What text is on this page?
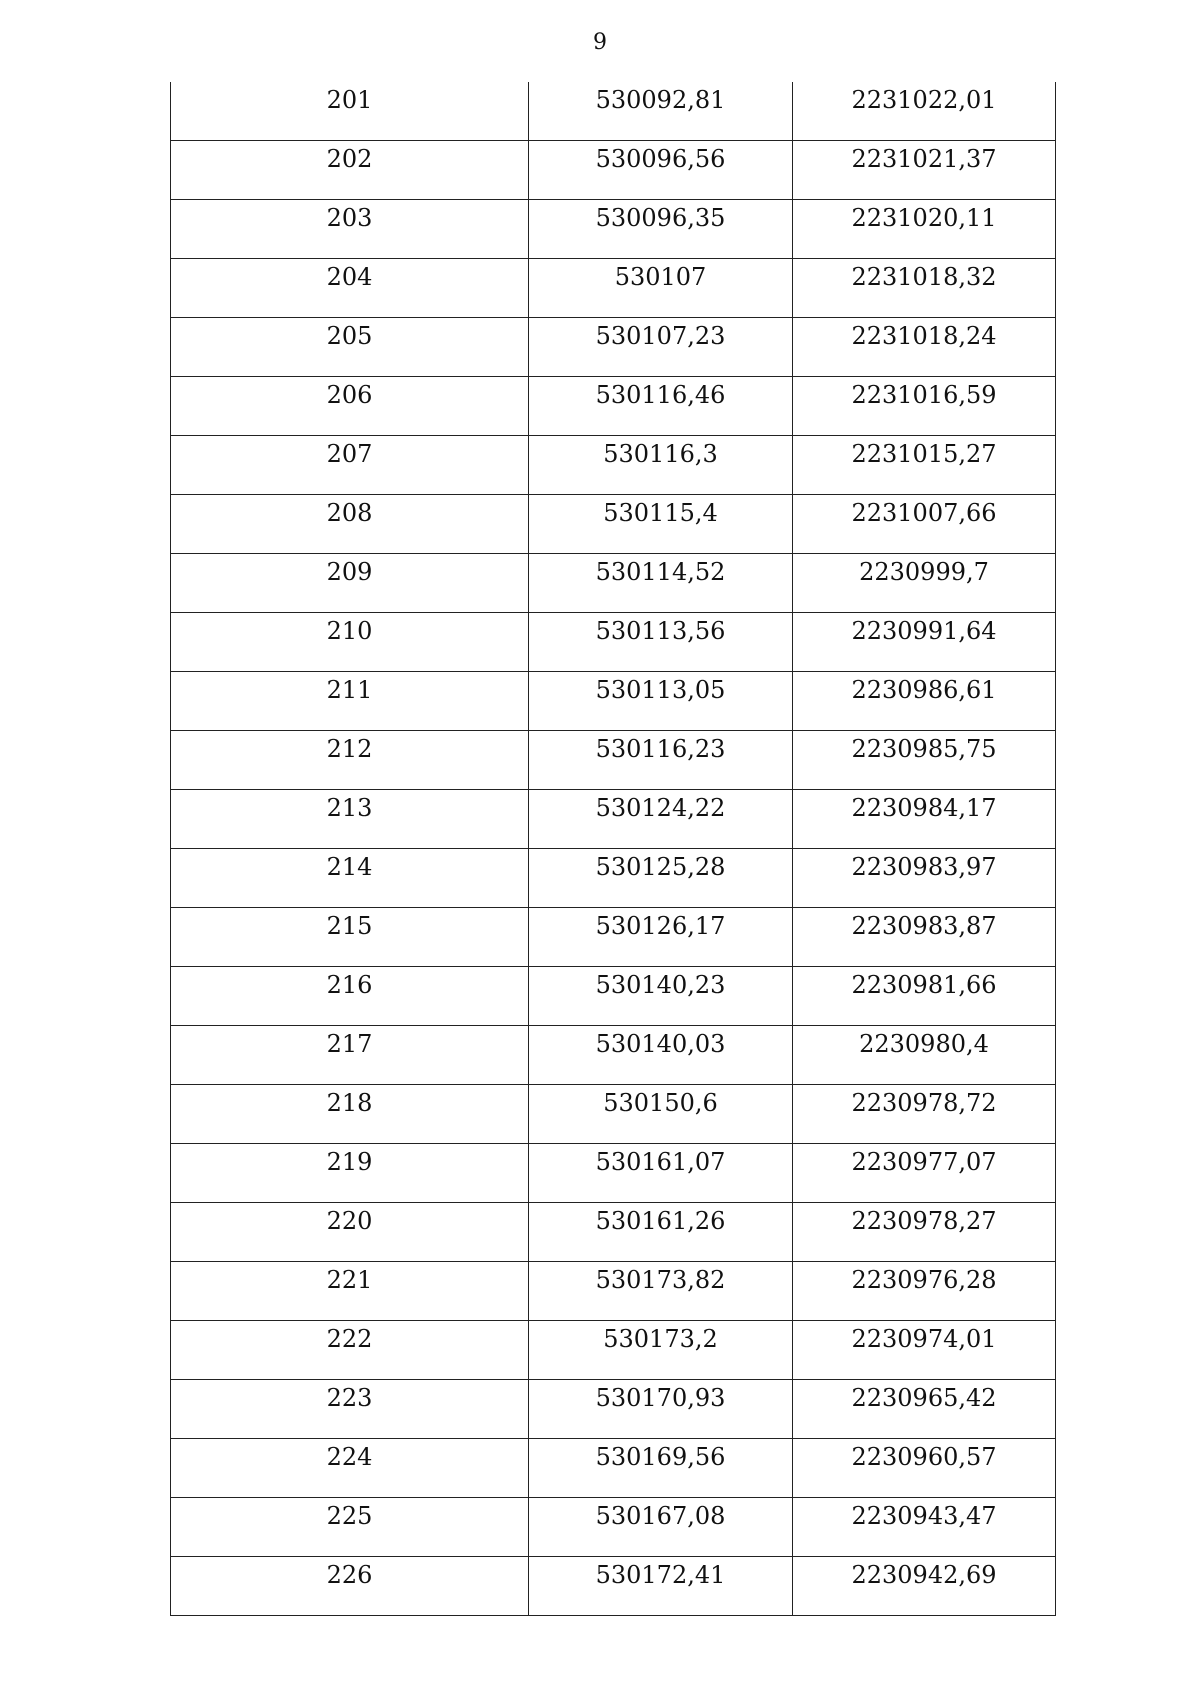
9
201	530092,81	2231022,01

202	530096,56	2231021,37

203	530096,35	2231020,11

204	530107	2231018,32

205	530107,23	2231018,24

206	530116,46	2231016,59

207	530116,3	2231015,27

208	530115,4	2231007,66

209	530114,52	2230999,7

210	530113,56	2230991,64

211	530113,05	2230986,61

212	530116,23	2230985,75

213	530124,22	2230984,17

214	530125,28	2230983,97

215	530126,17	2230983,87

216	530140,23	2230981,66

217	530140,03	2230980,4

218	530150,6	2230978,72

219	530161,07	2230977,07

220	530161,26	2230978,27

221	530173,82	2230976,28

222	530173,2	2230974,01

223	530170,93	2230965,42

224	530169,56	2230960,57

225	530167,08	2230943,47

226	530172,41	2230942,69
